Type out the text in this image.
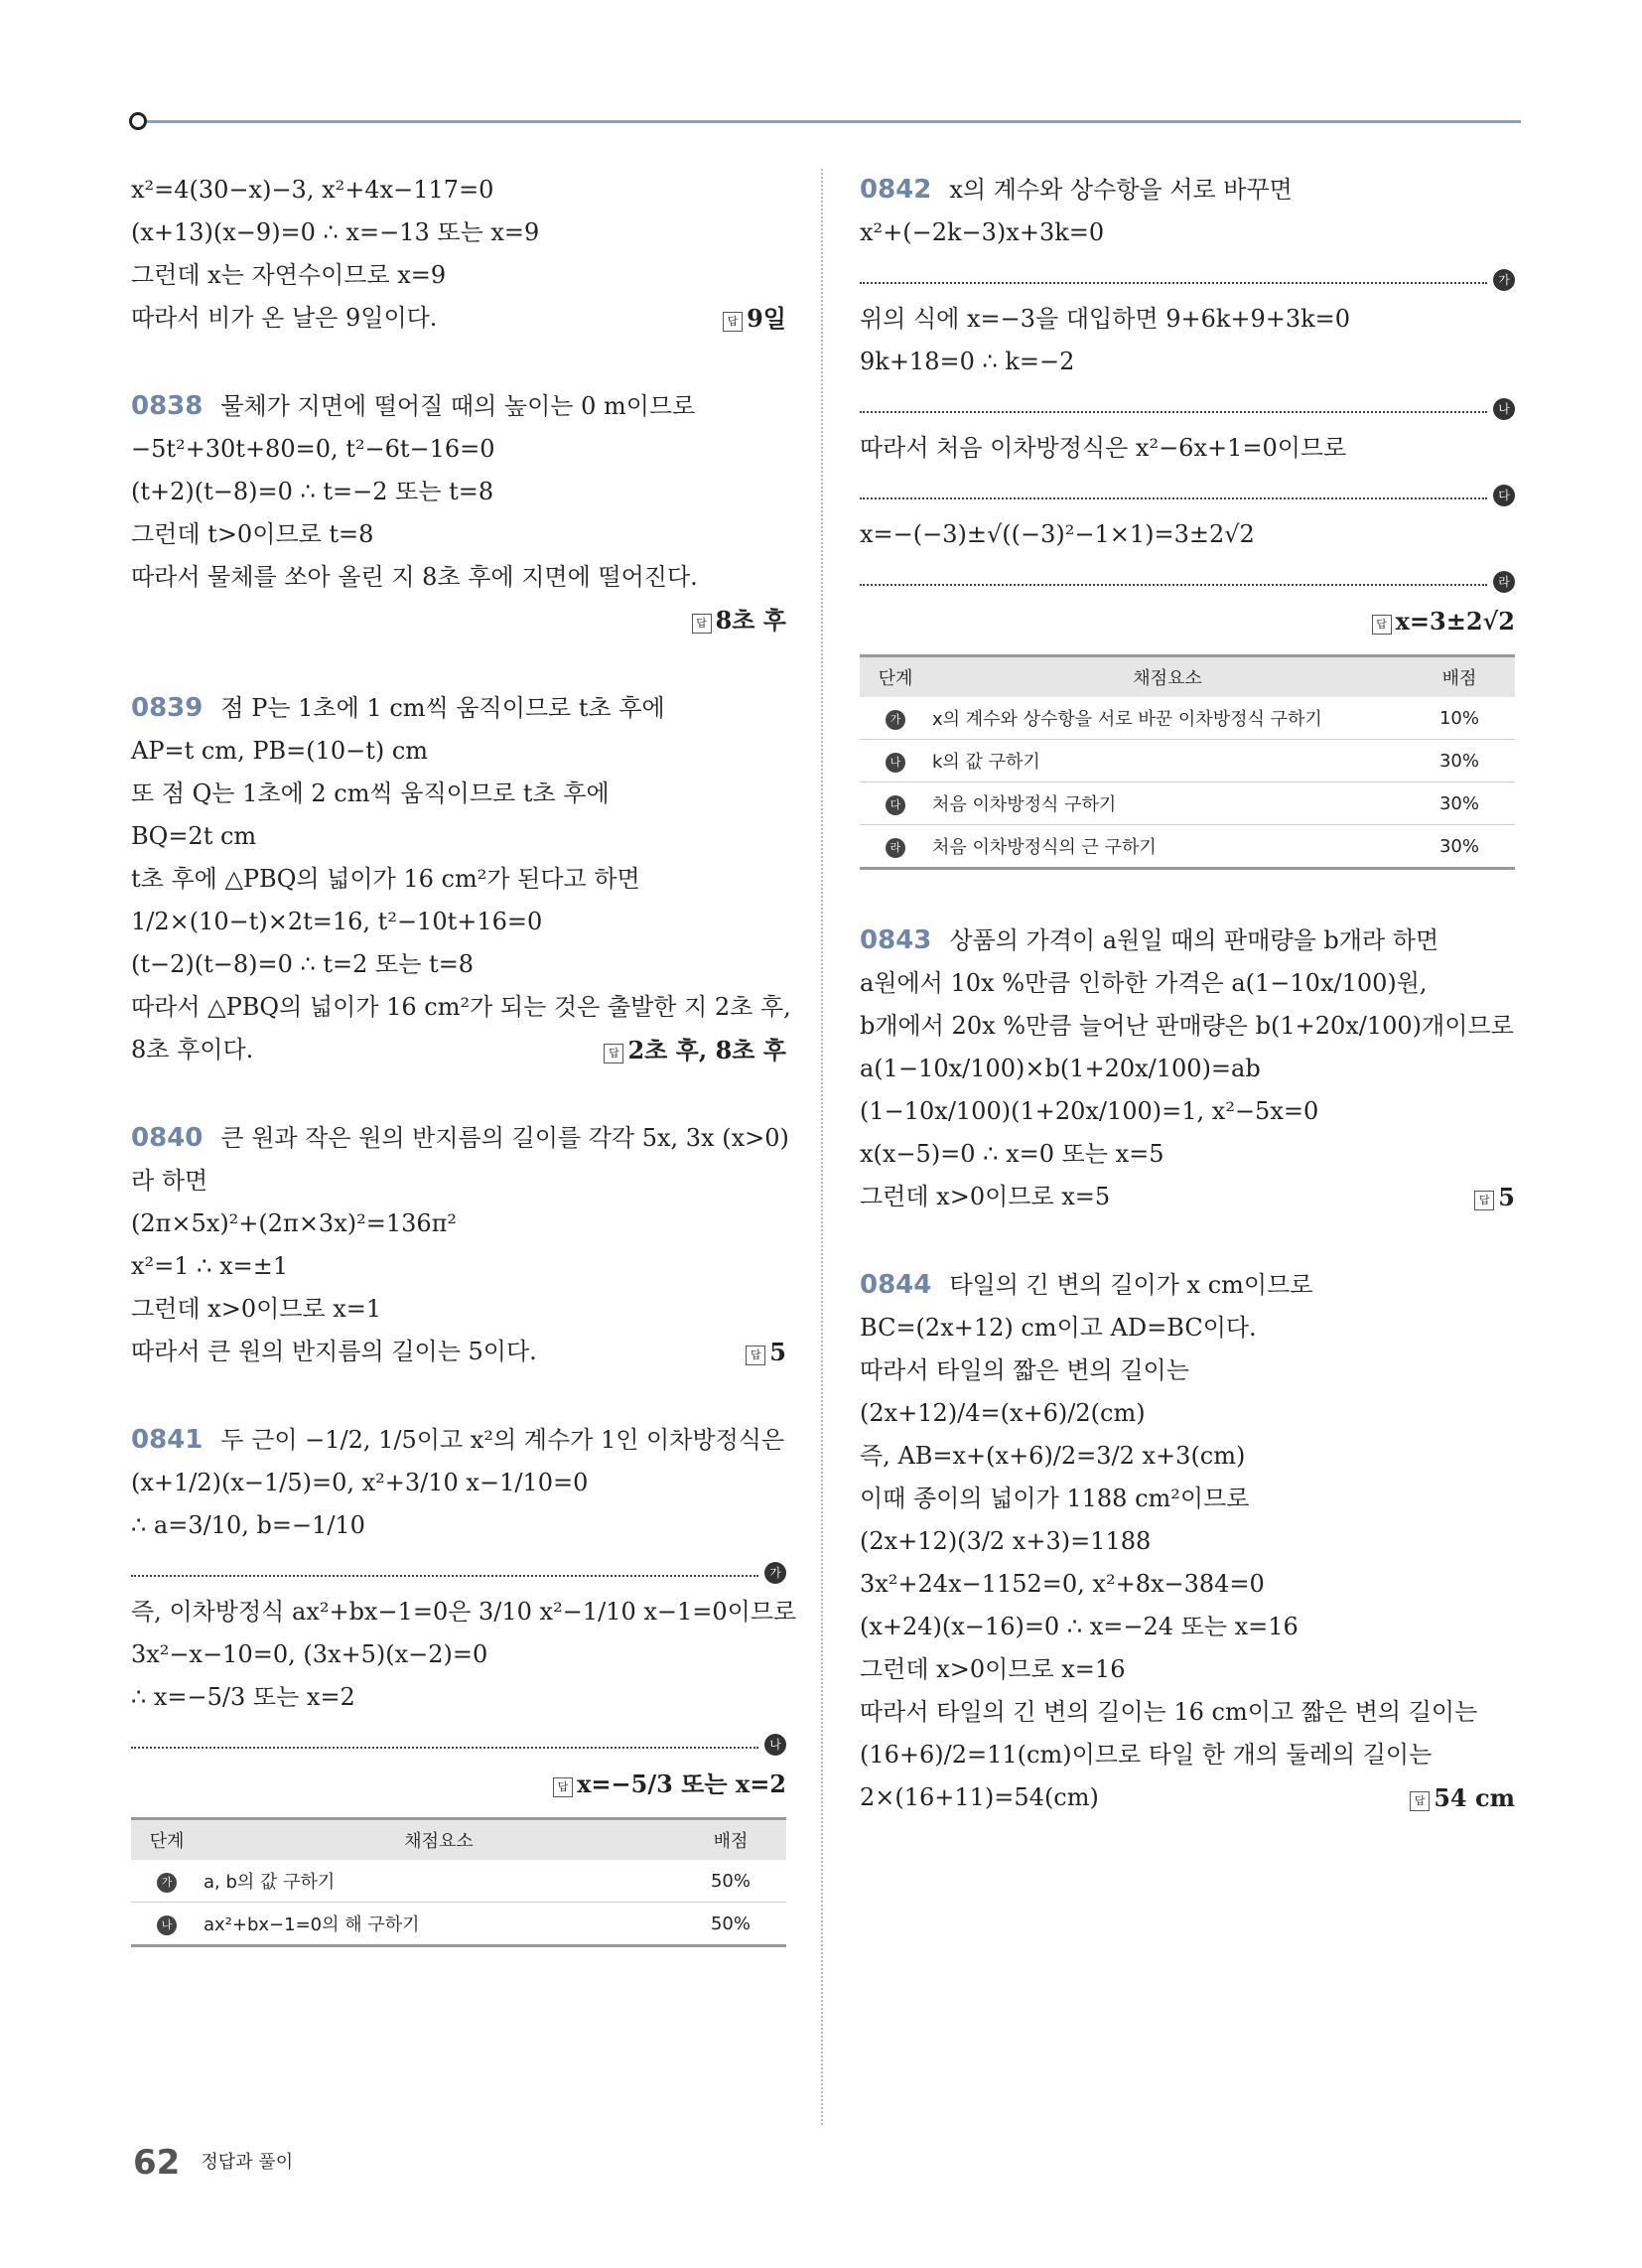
x²=4(30−x)−3, x²+4x−117=0
(x+13)(x−9)=0 ∴ x=−13 또는 x=9
그런데 x는 자연수이므로 x=9
따라서 비가 온 날은 9일이다.	답 9일
0838 물체가 지면에 떨어질 때의 높이는 0 m이므로
−5t²+30t+80=0, t²−6t−16=0
(t+2)(t−8)=0 ∴ t=−2 또는 t=8
그런데 t>0이므로 t=8
따라서 물체를 쏘아 올린 지 8초 후에 지면에 떨어진다.
답 8초 후
0839 점 P는 1초에 1 cm씩 움직이므로 t초 후에
AP=t cm, PB=(10−t) cm
또 점 Q는 1초에 2 cm씩 움직이므로 t초 후에
BQ=2t cm
t초 후에 △PBQ의 넓이가 16 cm²가 된다고 하면
1/2×(10−t)×2t=16, t²−10t+16=0
(t−2)(t−8)=0 ∴ t=2 또는 t=8
따라서 △PBQ의 넓이가 16 cm²가 되는 것은 출발한 지 2초 후,
8초 후이다.	답 2초 후, 8초 후
0840 큰 원과 작은 원의 반지름의 길이를 각각 5x, 3x (x>0)
라 하면
(2π×5x)²+(2π×3x)²=136π²
x²=1 ∴ x=±1
그런데 x>0이므로 x=1
따라서 큰 원의 반지름의 길이는 5이다.	답 5
0841 두 근이 −1/2, 1/5이고 x²의 계수가 1인 이차방정식은
(x+1/2)(x−1/5)=0, x²+3/10 x−1/10=0
∴ a=3/10, b=−1/10
가
즉, 이차방정식 ax²+bx−1=0은 3/10 x²−1/10 x−1=0이므로
3x²−x−10=0, (3x+5)(x−2)=0
∴ x=−5/3 또는 x=2
나
답 x=−5/3 또는 x=2
단계	채점요소	배점
가	a, b의 값 구하기	50%
나	ax²+bx−1=0의 해 구하기	50%
0842 x의 계수와 상수항을 서로 바꾸면
x²+(−2k−3)x+3k=0
가
위의 식에 x=−3을 대입하면 9+6k+9+3k=0
9k+18=0 ∴ k=−2
나
따라서 처음 이차방정식은 x²−6x+1=0이므로
다
x=−(−3)±√((−3)²−1×1)=3±2√2
라
답 x=3±2√2
단계	채점요소	배점
가	x의 계수와 상수항을 서로 바꾼 이차방정식 구하기	10%
나	k의 값 구하기	30%
다	처음 이차방정식 구하기	30%
라	처음 이차방정식의 근 구하기	30%
0843 상품의 가격이 a원일 때의 판매량을 b개라 하면
a원에서 10x %만큼 인하한 가격은 a(1−10x/100)원,
b개에서 20x %만큼 늘어난 판매량은 b(1+20x/100)개이므로
a(1−10x/100)×b(1+20x/100)=ab
(1−10x/100)(1+20x/100)=1, x²−5x=0
x(x−5)=0 ∴ x=0 또는 x=5
그런데 x>0이므로 x=5	답 5
0844 타일의 긴 변의 길이가 x cm이므로
BC=(2x+12) cm이고 AD=BC이다.
따라서 타일의 짧은 변의 길이는
(2x+12)/4=(x+6)/2(cm)
즉, AB=x+(x+6)/2=3/2 x+3(cm)
이때 종이의 넓이가 1188 cm²이므로
(2x+12)(3/2 x+3)=1188
3x²+24x−1152=0, x²+8x−384=0
(x+24)(x−16)=0 ∴ x=−24 또는 x=16
그런데 x>0이므로 x=16
따라서 타일의 긴 변의 길이는 16 cm이고 짧은 변의 길이는
(16+6)/2=11(cm)이므로 타일 한 개의 둘레의 길이는
2×(16+11)=54(cm)	답 54 cm
62 정답과 풀이
